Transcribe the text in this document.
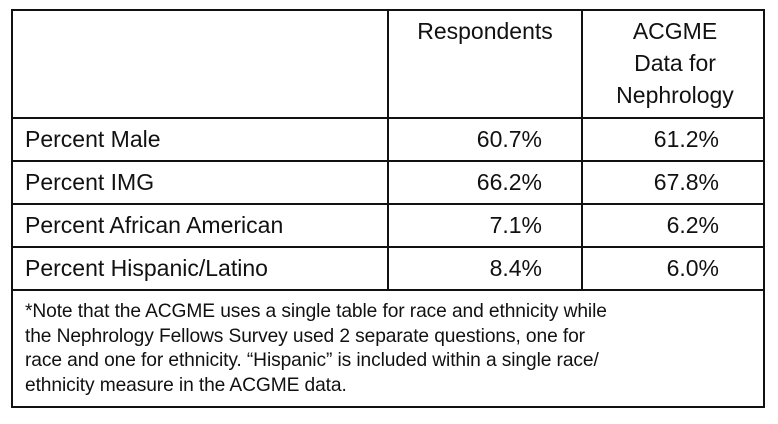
	Respondents	ACGME
Data for
Nephrology
Percent Male	60.7%	61.2%
Percent IMG	66.2%	67.8%
Percent African American	7.1%	6.2%
Percent Hispanic/Latino	8.4%	6.0%
*Note that the ACGME uses a single table for race and ethnicity while
the Nephrology Fellows Survey used 2 separate questions, one for
race and one for ethnicity. “Hispanic” is included within a single race/
ethnicity measure in the ACGME data.
